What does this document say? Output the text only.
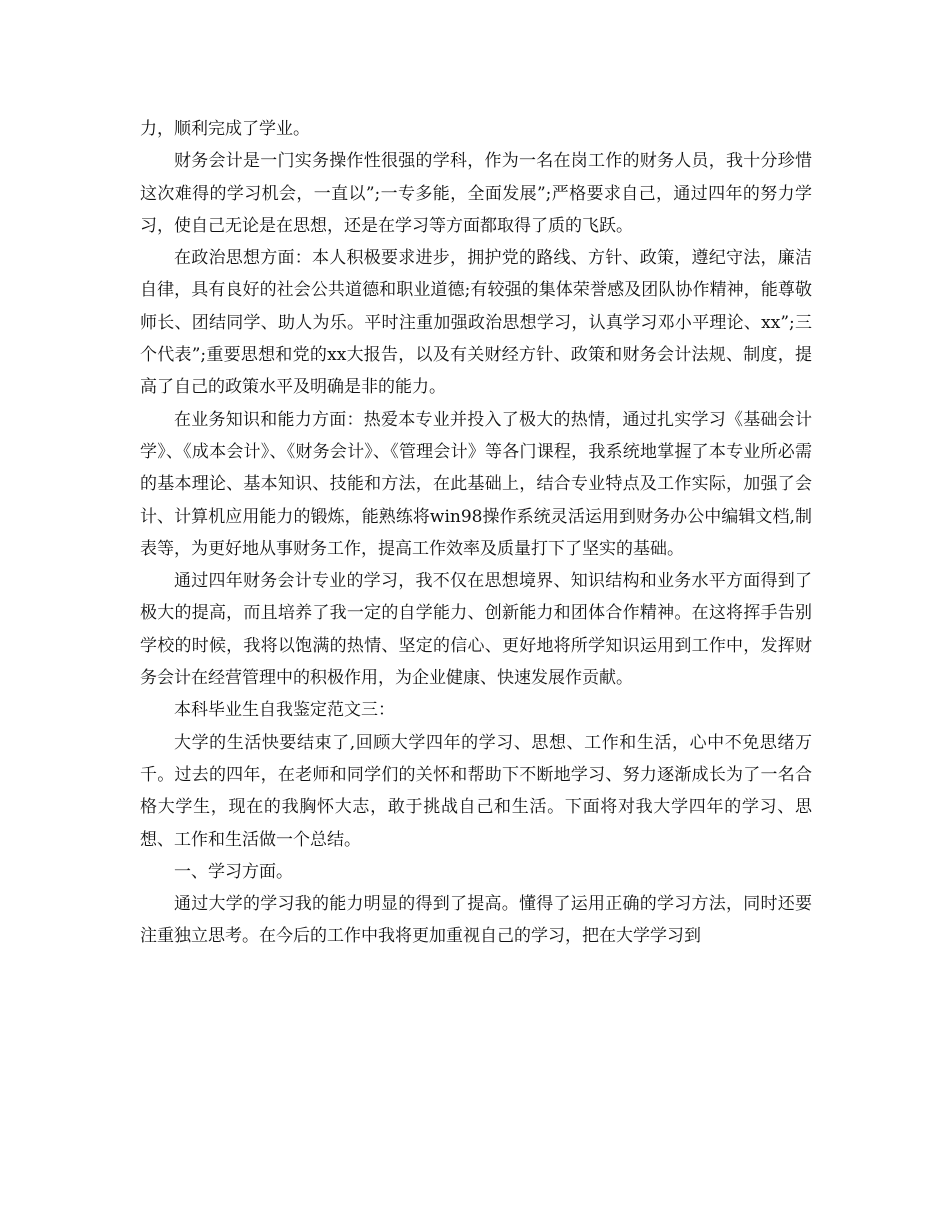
力，顺利完成了学业。

财务会计是一门实务操作性很强的学科，作为一名在岗工作的财务人员，我十分珍惜这次难得的学习机会，一直以”;一专多能，全面发展”;严格要求自己，通过四年的努力学习，使自己无论是在思想，还是在学习等方面都取得了质的飞跃。

在政治思想方面：本人积极要求进步，拥护党的路线、方针、政策，遵纪守法，廉洁自律，具有良好的社会公共道德和职业道德;有较强的集体荣誉感及团队协作精神，能尊敬师长、团结同学、助人为乐。平时注重加强政治思想学习，认真学习邓小平理论、xx”;三个代表”;重要思想和党的xx大报告，以及有关财经方针、政策和财务会计法规、制度，提高了自己的政策水平及明确是非的能力。

在业务知识和能力方面：热爱本专业并投入了极大的热情，通过扎实学习《基础会计学》、《成本会计》、《财务会计》、《管理会计》等各门课程，我系统地掌握了本专业所必需的基本理论、基本知识、技能和方法，在此基础上，结合专业特点及工作实际，加强了会计、计算机应用能力的锻炼，能熟练将win98操作系统灵活运用到财务办公中编辑文档,制表等，为更好地从事财务工作，提高工作效率及质量打下了坚实的基础。

通过四年财务会计专业的学习，我不仅在思想境界、知识结构和业务水平方面得到了极大的提高，而且培养了我一定的自学能力、创新能力和团体合作精神。在这将挥手告别学校的时候，我将以饱满的热情、坚定的信心、更好地将所学知识运用到工作中，发挥财务会计在经营管理中的积极作用，为企业健康、快速发展作贡献。

本科毕业生自我鉴定范文三：

大学的生活快要结束了,回顾大学四年的学习、思想、工作和生活，心中不免思绪万千。过去的四年，在老师和同学们的关怀和帮助下不断地学习、努力逐渐成长为了一名合格大学生，现在的我胸怀大志，敢于挑战自己和生活。下面将对我大学四年的学习、思想、工作和生活做一个总结。

一、学习方面。

通过大学的学习我的能力明显的得到了提高。懂得了运用正确的学习方法，同时还要注重独立思考。在今后的工作中我将更加重视自己的学习，把在大学学习到
